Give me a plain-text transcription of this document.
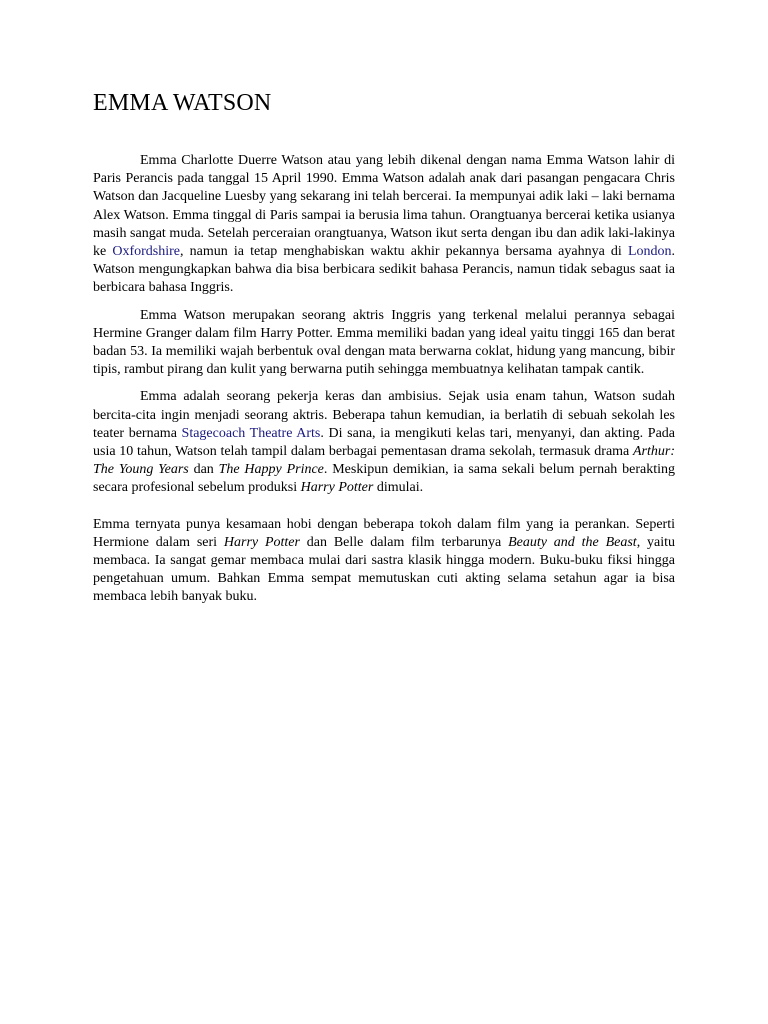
EMMA WATSON

Emma Charlotte Duerre Watson atau yang lebih dikenal dengan nama Emma Watson lahir di Paris Perancis pada tanggal 15 April 1990. Emma Watson adalah anak dari pasangan pengacara Chris Watson dan Jacqueline Luesby yang sekarang ini telah bercerai. Ia mempunyai adik laki – laki bernama Alex Watson. Emma tinggal di Paris sampai ia berusia lima tahun. Orangtuanya bercerai ketika usianya masih sangat muda. Setelah perceraian orangtuanya, Watson ikut serta dengan ibu dan adik laki-lakinya ke Oxfordshire, namun ia tetap menghabiskan waktu akhir pekannya bersama ayahnya di London. Watson mengungkapkan bahwa dia bisa berbicara sedikit bahasa Perancis, namun tidak sebagus saat ia berbicara bahasa Inggris.

Emma Watson merupakan seorang aktris Inggris yang terkenal melalui perannya sebagai Hermine Granger dalam film Harry Potter. Emma memiliki badan yang ideal yaitu tinggi 165 dan berat badan 53. Ia memiliki wajah berbentuk oval dengan mata berwarna coklat, hidung yang mancung, bibir tipis, rambut pirang dan kulit yang berwarna putih sehingga membuatnya kelihatan tampak cantik.

Emma adalah seorang pekerja keras dan ambisius. Sejak usia enam tahun, Watson sudah bercita-cita ingin menjadi seorang aktris. Beberapa tahun kemudian, ia berlatih di sebuah sekolah les teater bernama Stagecoach Theatre Arts. Di sana, ia mengikuti kelas tari, menyanyi, dan akting. Pada usia 10 tahun, Watson telah tampil dalam berbagai pementasan drama sekolah, termasuk drama Arthur: The Young Years dan The Happy Prince. Meskipun demikian, ia sama sekali belum pernah berakting secara profesional sebelum produksi Harry Potter dimulai.

Emma ternyata punya kesamaan hobi dengan beberapa tokoh dalam film yang ia perankan. Seperti Hermione dalam seri Harry Potter dan Belle dalam film terbarunya Beauty and the Beast, yaitu membaca. Ia sangat gemar membaca mulai dari sastra klasik hingga modern. Buku-buku fiksi hingga pengetahuan umum. Bahkan Emma sempat memutuskan cuti akting selama setahun agar ia bisa membaca lebih banyak buku.
